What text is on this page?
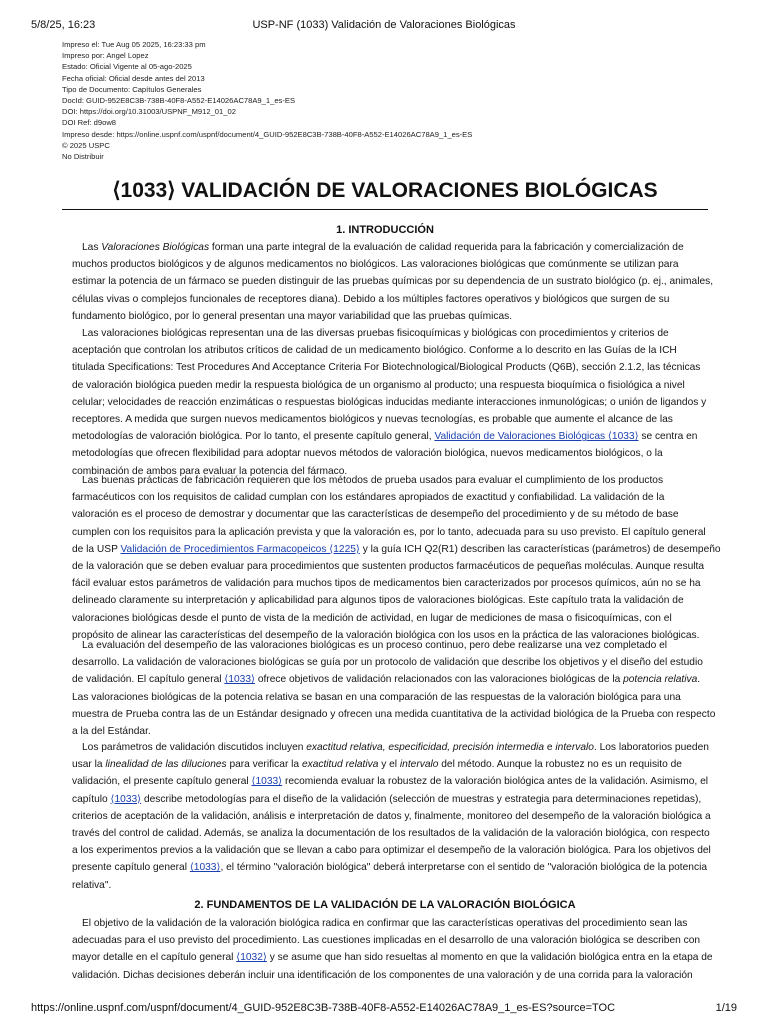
5/8/25, 16:23	USP-NF (1033) Validación de Valoraciones Biológicas
Impreso el: Tue Aug 05 2025, 16:23:33 pm
Impreso por: Angel Lopez
Estado: Oficial Vigente al 05-ago-2025
Fecha oficial: Oficial desde antes del 2013
Tipo de Documento: Capítulos Generales
DocId: GUID-952E8C3B-738B-40F8-A552-E14026AC78A9_1_es-ES
DOI: https://doi.org/10.31003/USPNF_M912_01_02
DOI Ref: d9ow8
Impreso desde: https://online.uspnf.com/uspnf/document/4_GUID-952E8C3B-738B-40F8-A552-E14026AC78A9_1_es-ES
© 2025 USPC
No Distribuir
⟨1033⟩ VALIDACIÓN DE VALORACIONES BIOLÓGICAS
1. INTRODUCCIÓN
Las Valoraciones Biológicas forman una parte integral de la evaluación de calidad requerida para la fabricación y comercialización de
muchos productos biológicos y de algunos medicamentos no biológicos. Las valoraciones biológicas que comúnmente se utilizan para
estimar la potencia de un fármaco se pueden distinguir de las pruebas químicas por su dependencia de un sustrato biológico (p. ej., animales,
células vivas o complejos funcionales de receptores diana). Debido a los múltiples factores operativos y biológicos que surgen de su
fundamento biológico, por lo general presentan una mayor variabilidad que las pruebas químicas.
Las valoraciones biológicas representan una de las diversas pruebas fisicoquímicas y biológicas con procedimientos y criterios de
aceptación que controlan los atributos críticos de calidad de un medicamento biológico. Conforme a lo descrito en las Guías de la ICH
titulada Specifications: Test Procedures And Acceptance Criteria For Biotechnological/Biological Products (Q6B), sección 2.1.2, las técnicas
de valoración biológica pueden medir la respuesta biológica de un organismo al producto; una respuesta bioquímica o fisiológica a nivel
celular; velocidades de reacción enzimáticas o respuestas biológicas inducidas mediante interacciones inmunológicas; o unión de ligandos y
receptores. A medida que surgen nuevos medicamentos biológicos y nuevas tecnologías, es probable que aumente el alcance de las
metodologías de valoración biológica. Por lo tanto, el presente capítulo general, Validación de Valoraciones Biológicas ⟨1033⟩ se centra en
metodologías que ofrecen flexibilidad para adoptar nuevos métodos de valoración biológica, nuevos medicamentos biológicos, o la
combinación de ambos para evaluar la potencia del fármaco.
Las buenas prácticas de fabricación requieren que los métodos de prueba usados para evaluar el cumplimiento de los productos
farmacéuticos con los requisitos de calidad cumplan con los estándares apropiados de exactitud y confiabilidad. La validación de la
valoración es el proceso de demostrar y documentar que las características de desempeño del procedimiento y de su método de base
cumplen con los requisitos para la aplicación prevista y que la valoración es, por lo tanto, adecuada para su uso previsto. El capítulo general
de la USP Validación de Procedimientos Farmacopeicos ⟨1225⟩ y la guía ICH Q2(R1) describen las características (parámetros) de desempeño
de la valoración que se deben evaluar para procedimientos que sustenten productos farmacéuticos de pequeñas moléculas. Aunque resulta
fácil evaluar estos parámetros de validación para muchos tipos de medicamentos bien caracterizados por procesos químicos, aún no se ha
delineado claramente su interpretación y aplicabilidad para algunos tipos de valoraciones biológicas. Este capítulo trata la validación de
valoraciones biológicas desde el punto de vista de la medición de actividad, en lugar de mediciones de masa o fisicoquímicas, con el
propósito de alinear las características del desempeño de la valoración biológica con los usos en la práctica de las valoraciones biológicas.
La evaluación del desempeño de las valoraciones biológicas es un proceso continuo, pero debe realizarse una vez completado el
desarrollo. La validación de valoraciones biológicas se guía por un protocolo de validación que describe los objetivos y el diseño del estudio
de validación. El capítulo general ⟨1033⟩ ofrece objetivos de validación relacionados con las valoraciones biológicas de la potencia relativa.
Las valoraciones biológicas de la potencia relativa se basan en una comparación de las respuestas de la valoración biológica para una
muestra de Prueba contra las de un Estándar designado y ofrecen una medida cuantitativa de la actividad biológica de la Prueba con respecto
a la del Estándar.
Los parámetros de validación discutidos incluyen exactitud relativa, especificidad, precisión intermedia e intervalo. Los laboratorios pueden
usar la linealidad de las diluciones para verificar la exactitud relativa y el intervalo del método. Aunque la robustez no es un requisito de
validación, el presente capítulo general ⟨1033⟩ recomienda evaluar la robustez de la valoración biológica antes de la validación. Asimismo, el
capítulo ⟨1033⟩ describe metodologías para el diseño de la validación (selección de muestras y estrategia para determinaciones repetidas),
criterios de aceptación de la validación, análisis e interpretación de datos y, finalmente, monitoreo del desempeño de la valoración biológica a
través del control de calidad. Además, se analiza la documentación de los resultados de la validación de la valoración biológica, con respecto
a los experimentos previos a la validación que se llevan a cabo para optimizar el desempeño de la valoración biológica. Para los objetivos del
presente capítulo general ⟨1033⟩, el término "valoración biológica" deberá interpretarse con el sentido de "valoración biológica de la potencia
relativa".
2. FUNDAMENTOS DE LA VALIDACIÓN DE LA VALORACIÓN BIOLÓGICA
El objetivo de la validación de la valoración biológica radica en confirmar que las características operativas del procedimiento sean las
adecuadas para el uso previsto del procedimiento. Las cuestiones implicadas en el desarrollo de una valoración biológica se describen con
mayor detalle en el capítulo general ⟨1032⟩ y se asume que han sido resueltas al momento en que la validación biológica entra en la etapa de
validación. Dichas decisiones deberán incluir una identificación de los componentes de una valoración y de una corrida para la valoración
https://online.uspnf.com/uspnf/document/4_GUID-952E8C3B-738B-40F8-A552-E14026AC78A9_1_es-ES?source=TOC	1/19
